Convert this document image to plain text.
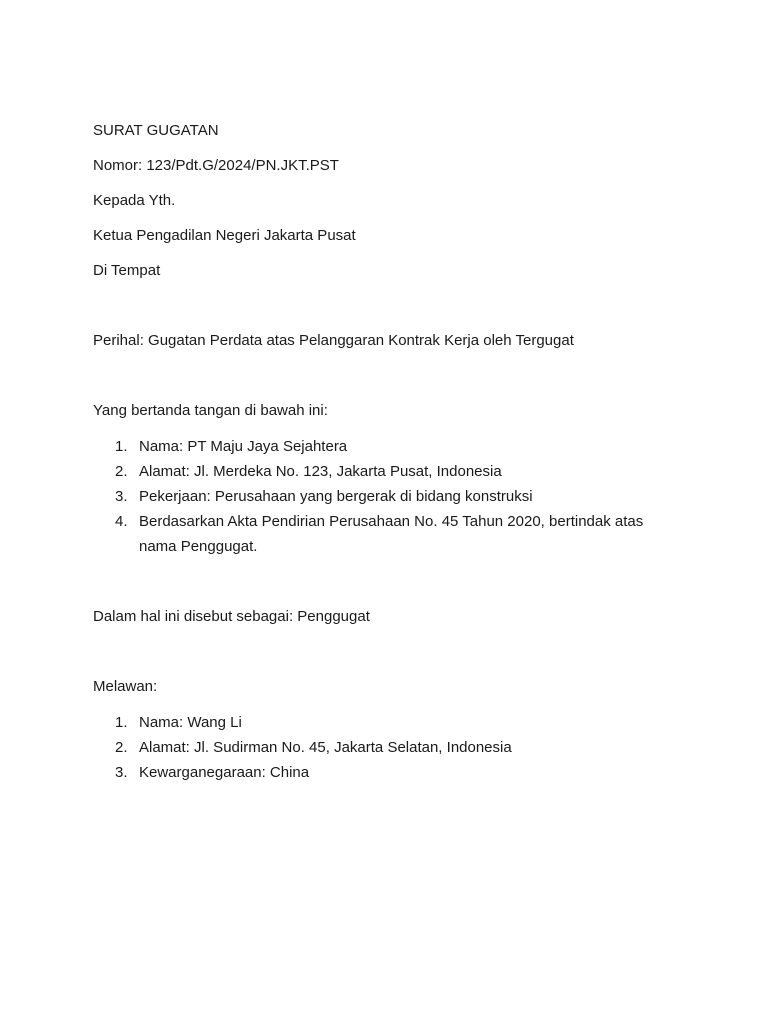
SURAT GUGATAN
Nomor: 123/Pdt.G/2024/PN.JKT.PST
Kepada Yth.
Ketua Pengadilan Negeri Jakarta Pusat
Di Tempat
Perihal: Gugatan Perdata atas Pelanggaran Kontrak Kerja oleh Tergugat
Yang bertanda tangan di bawah ini:
1. Nama: PT Maju Jaya Sejahtera
2. Alamat: Jl. Merdeka No. 123, Jakarta Pusat, Indonesia
3. Pekerjaan: Perusahaan yang bergerak di bidang konstruksi
4. Berdasarkan Akta Pendirian Perusahaan No. 45 Tahun 2020, bertindak atas nama Penggugat.
Dalam hal ini disebut sebagai: Penggugat
Melawan:
1. Nama: Wang Li
2. Alamat: Jl. Sudirman No. 45, Jakarta Selatan, Indonesia
3. Kewarganegaraan: China
